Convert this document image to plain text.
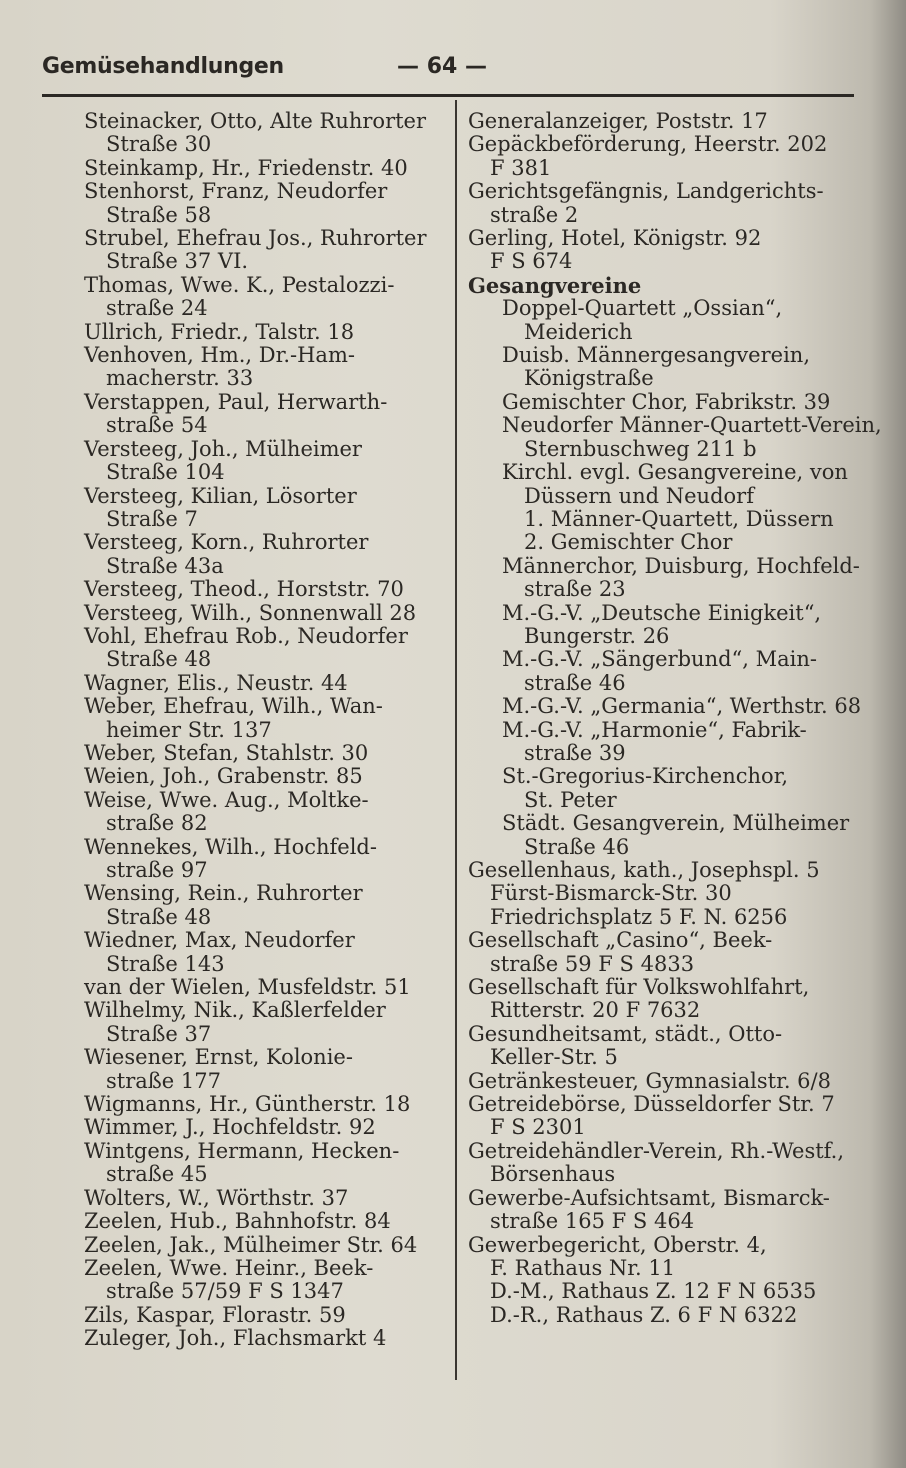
Gemüsehandlungen	— 64 —
Steinacker, Otto, Alte Ruhrorter
Straße 30
Steinkamp, Hr., Friedenstr. 40
Stenhorst, Franz, Neudorfer
Straße 58
Strubel, Ehefrau Jos., Ruhrorter
Straße 37 VI.
Thomas, Wwe. K., Pestalozzi-
straße 24
Ullrich, Friedr., Talstr. 18
Venhoven, Hm., Dr.-Ham-
macherstr. 33
Verstappen, Paul, Herwarth-
straße 54
Versteeg, Joh., Mülheimer
Straße 104
Versteeg, Kilian, Lösorter
Straße 7
Versteeg, Korn., Ruhrorter
Straße 43a
Versteeg, Theod., Horststr. 70
Versteeg, Wilh., Sonnenwall 28
Vohl, Ehefrau Rob., Neudorfer
Straße 48
Wagner, Elis., Neustr. 44
Weber, Ehefrau, Wilh., Wan-
heimer Str. 137
Weber, Stefan, Stahlstr. 30
Weien, Joh., Grabenstr. 85
Weise, Wwe. Aug., Moltke-
straße 82
Wennekes, Wilh., Hochfeld-
straße 97
Wensing, Rein., Ruhrorter
Straße 48
Wiedner, Max, Neudorfer
Straße 143
van der Wielen, Musfeldstr. 51
Wilhelmy, Nik., Kaßlerfelder
Straße 37
Wiesener, Ernst, Kolonie-
straße 177
Wigmanns, Hr., Güntherstr. 18
Wimmer, J., Hochfeldstr. 92
Wintgens, Hermann, Hecken-
straße 45
Wolters, W., Wörthstr. 37
Zeelen, Hub., Bahnhofstr. 84
Zeelen, Jak., Mülheimer Str. 64
Zeelen, Wwe. Heinr., Beek-
straße 57/59 F S 1347
Zils, Kaspar, Florastr. 59
Zuleger, Joh., Flachsmarkt 4
Generalanzeiger, Poststr. 17
Gepäckbeförderung, Heerstr. 202
F 381
Gerichtsgefängnis, Landgerichts-
straße 2
Gerling, Hotel, Königstr. 92
F S 674
Gesangvereine
Doppel-Quartett „Ossian“,
Meiderich
Duisb. Männergesangverein,
Königstraße
Gemischter Chor, Fabrikstr. 39
Neudorfer Männer-Quartett-Verein,
Sternbuschweg 211 b
Kirchl. evgl. Gesangvereine, von
Düssern und Neudorf
1. Männer-Quartett, Düssern
2. Gemischter Chor
Männerchor, Duisburg, Hochfeld-
straße 23
M.-G.-V. „Deutsche Einigkeit“,
Bungerstr. 26
M.-G.-V. „Sängerbund“, Main-
straße 46
M.-G.-V. „Germania“, Werthstr. 68
M.-G.-V. „Harmonie“, Fabrik-
straße 39
St.-Gregorius-Kirchenchor,
St. Peter
Städt. Gesangverein, Mülheimer
Straße 46
Gesellenhaus, kath., Josephspl. 5
Fürst-Bismarck-Str. 30
Friedrichsplatz 5 F. N. 6256
Gesellschaft „Casino“, Beek-
straße 59 F S 4833
Gesellschaft für Volkswohlfahrt,
Ritterstr. 20 F 7632
Gesundheitsamt, städt., Otto-
Keller-Str. 5
Getränkesteuer, Gymnasialstr. 6/8
Getreidebörse, Düsseldorfer Str. 7
F S 2301
Getreidehändler-Verein, Rh.-Westf.,
Börsenhaus
Gewerbe-Aufsichtsamt, Bismarck-
straße 165 F S 464
Gewerbegericht, Oberstr. 4,
F. Rathaus Nr. 11
D.-M., Rathaus Z. 12 F N 6535
D.-R., Rathaus Z. 6 F N 6322
